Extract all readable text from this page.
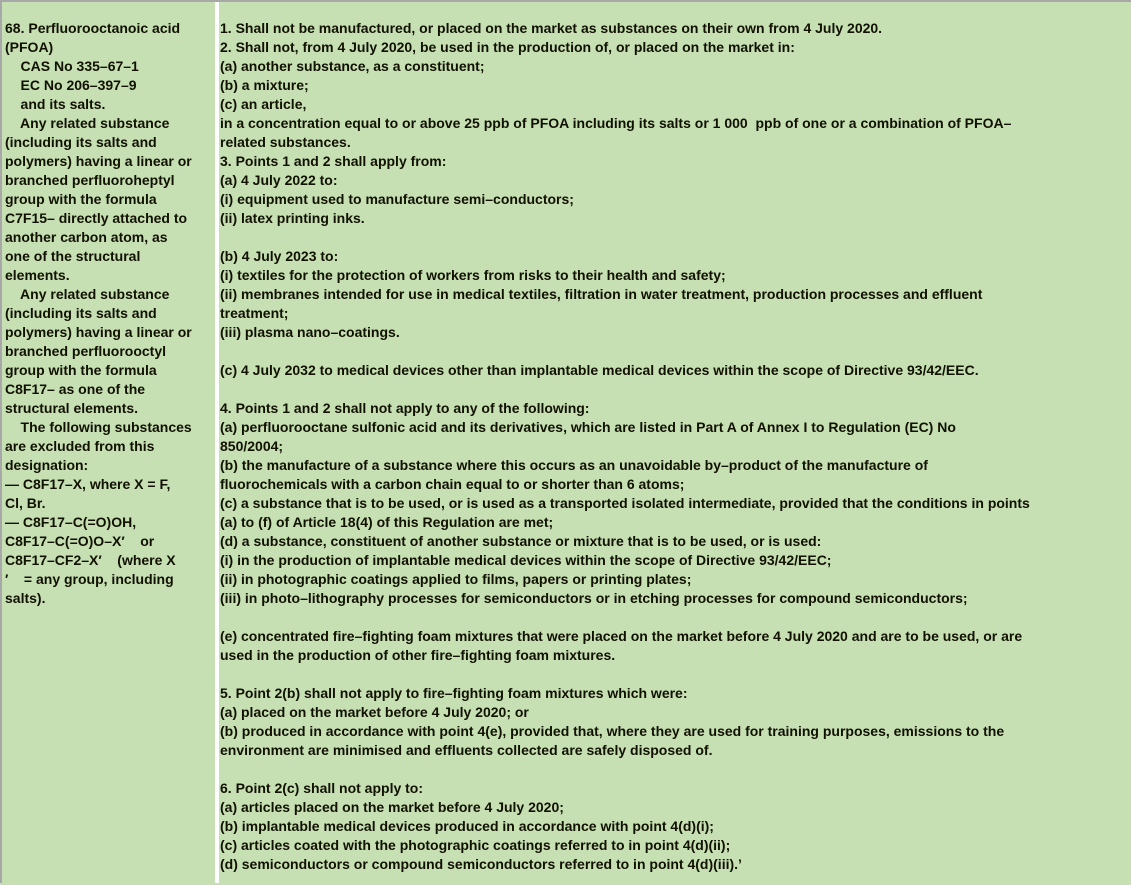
68. Perfluorooctanoic acid
(PFOA)
CAS No 335–67–1
EC No 206–397–9
and its salts.
Any related substance
(including its salts and
polymers) having a linear or
branched perfluoroheptyl
group with the formula
C7F15– directly attached to
another carbon atom, as
one of the structural
elements.
Any related substance
(including its salts and
polymers) having a linear or
branched perfluorooctyl
group with the formula
C8F17– as one of the
structural elements.
The following substances
are excluded from this
designation:
— C8F17–X, where X = F,
Cl, Br.
— C8F17–C(=O)OH,
C8F17–C(=O)O–X′    or
C8F17–CF2–X′    (where X
′    = any group, including
salts).
1. Shall not be manufactured, or placed on the market as substances on their own from 4 July 2020.
2. Shall not, from 4 July 2020, be used in the production of, or placed on the market in:
(a) another substance, as a constituent;
(b) a mixture;
(c) an article,
in a concentration equal to or above 25 ppb of PFOA including its salts or 1 000  ppb of one or a combination of PFOA–
related substances.
3. Points 1 and 2 shall apply from:
(a) 4 July 2022 to:
(i) equipment used to manufacture semi–conductors;
(ii) latex printing inks.
(b) 4 July 2023 to:
(i) textiles for the protection of workers from risks to their health and safety;
(ii) membranes intended for use in medical textiles, filtration in water treatment, production processes and effluent
treatment;
(iii) plasma nano–coatings.
(c) 4 July 2032 to medical devices other than implantable medical devices within the scope of Directive 93/42/EEC.
4. Points 1 and 2 shall not apply to any of the following:
(a) perfluorooctane sulfonic acid and its derivatives, which are listed in Part A of Annex I to Regulation (EC) No
850/2004;
(b) the manufacture of a substance where this occurs as an unavoidable by–product of the manufacture of
fluorochemicals with a carbon chain equal to or shorter than 6 atoms;
(c) a substance that is to be used, or is used as a transported isolated intermediate, provided that the conditions in points
(a) to (f) of Article 18(4) of this Regulation are met;
(d) a substance, constituent of another substance or mixture that is to be used, or is used:
(i) in the production of implantable medical devices within the scope of Directive 93/42/EEC;
(ii) in photographic coatings applied to films, papers or printing plates;
(iii) in photo–lithography processes for semiconductors or in etching processes for compound semiconductors;
(e) concentrated fire–fighting foam mixtures that were placed on the market before 4 July 2020 and are to be used, or are
used in the production of other fire–fighting foam mixtures.
5. Point 2(b) shall not apply to fire–fighting foam mixtures which were:
(a) placed on the market before 4 July 2020; or
(b) produced in accordance with point 4(e), provided that, where they are used for training purposes, emissions to the
environment are minimised and effluents collected are safely disposed of.
6. Point 2(c) shall not apply to:
(a) articles placed on the market before 4 July 2020;
(b) implantable medical devices produced in accordance with point 4(d)(i);
(c) articles coated with the photographic coatings referred to in point 4(d)(ii);
(d) semiconductors or compound semiconductors referred to in point 4(d)(iii).’
